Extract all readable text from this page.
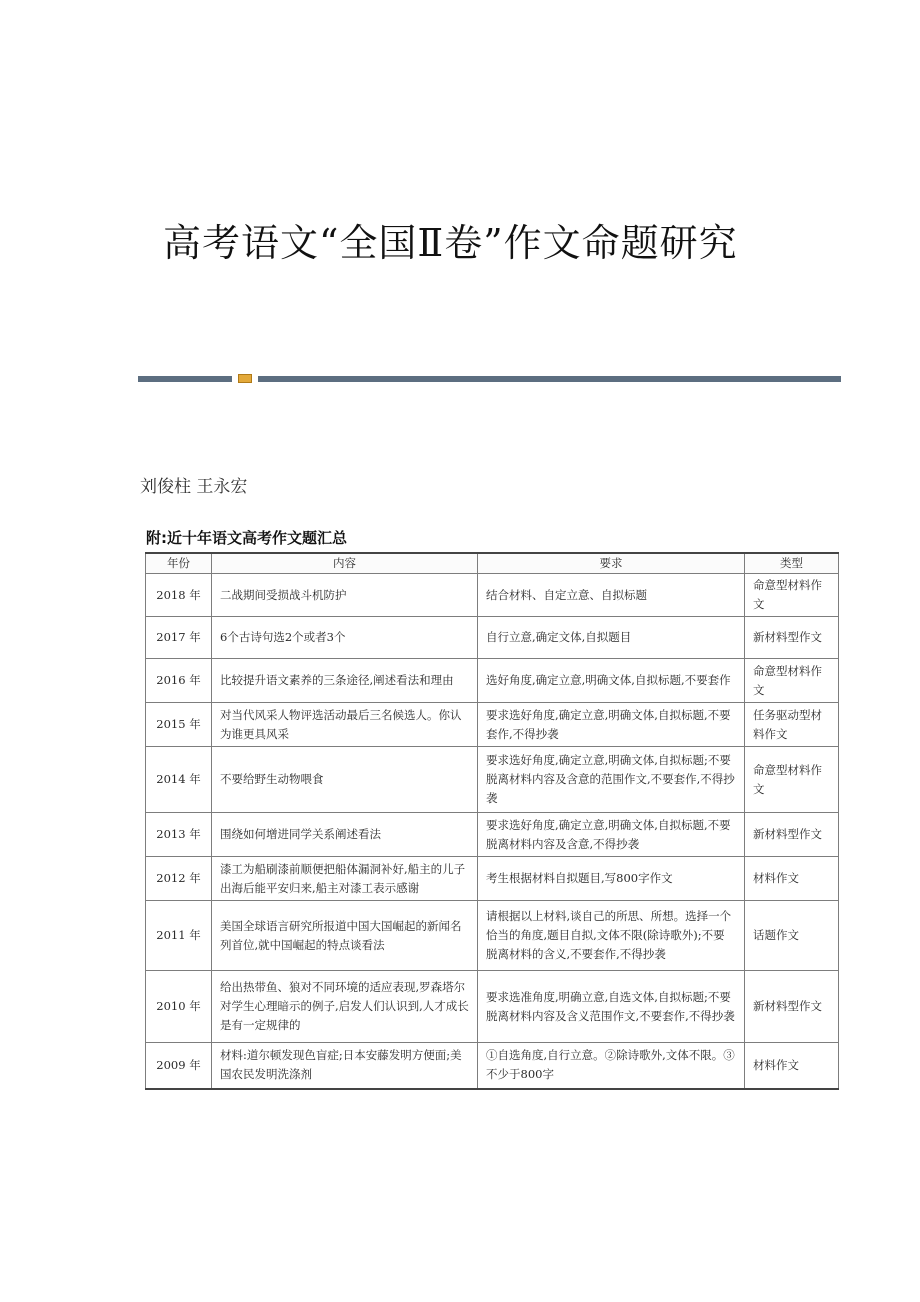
高考语文“全国Ⅱ卷”作文命题研究
刘俊柱 王永宏
附:近十年语文高考作文题汇总
年份	内容	要求	类型
2018 年	二战期间受损战斗机防护	结合材料、自定立意、自拟标题	命意型材料作文
2017 年	6个古诗句选2个或者3个	自行立意,确定文体,自拟题目	新材料型作文
2016 年	比较提升语文素养的三条途径,阐述看法和理由	选好角度,确定立意,明确文体,自拟标题,不要套作	命意型材料作文
2015 年	对当代风采人物评选活动最后三名候选人。你认为谁更具风采	要求选好角度,确定立意,明确文体,自拟标题,不要套作,不得抄袭	任务驱动型材料作文
2014 年	不要给野生动物喂食	要求选好角度,确定立意,明确文体,自拟标题;不要脱离材料内容及含意的范围作文,不要套作,不得抄袭	命意型材料作文
2013 年	围绕如何增进同学关系阐述看法	要求选好角度,确定立意,明确文体,自拟标题,不要脱离材料内容及含意,不得抄袭	新材料型作文
2012 年	漆工为船刷漆前顺便把船体漏洞补好,船主的儿子出海后能平安归来,船主对漆工表示感谢	考生根据材料自拟题目,写800字作文	材料作文
2011 年	美国全球语言研究所报道中国大国崛起的新闻名列首位,就中国崛起的特点谈看法	请根据以上材料,谈自己的所思、所想。选择一个恰当的角度,题目自拟,文体不限(除诗歌外);不要脱离材料的含义,不要套作,不得抄袭	话题作文
2010 年	给出热带鱼、狼对不同环境的适应表现,罗森塔尔对学生心理暗示的例子,启发人们认识到,人才成长是有一定规律的	要求选准角度,明确立意,自选文体,自拟标题;不要脱离材料内容及含义范围作文,不要套作,不得抄袭	新材料型作文
2009 年	材料:道尔顿发现色盲症;日本安藤发明方便面;美国农民发明洗涤剂	①自选角度,自行立意。②除诗歌外,文体不限。③不少于800字	材料作文
